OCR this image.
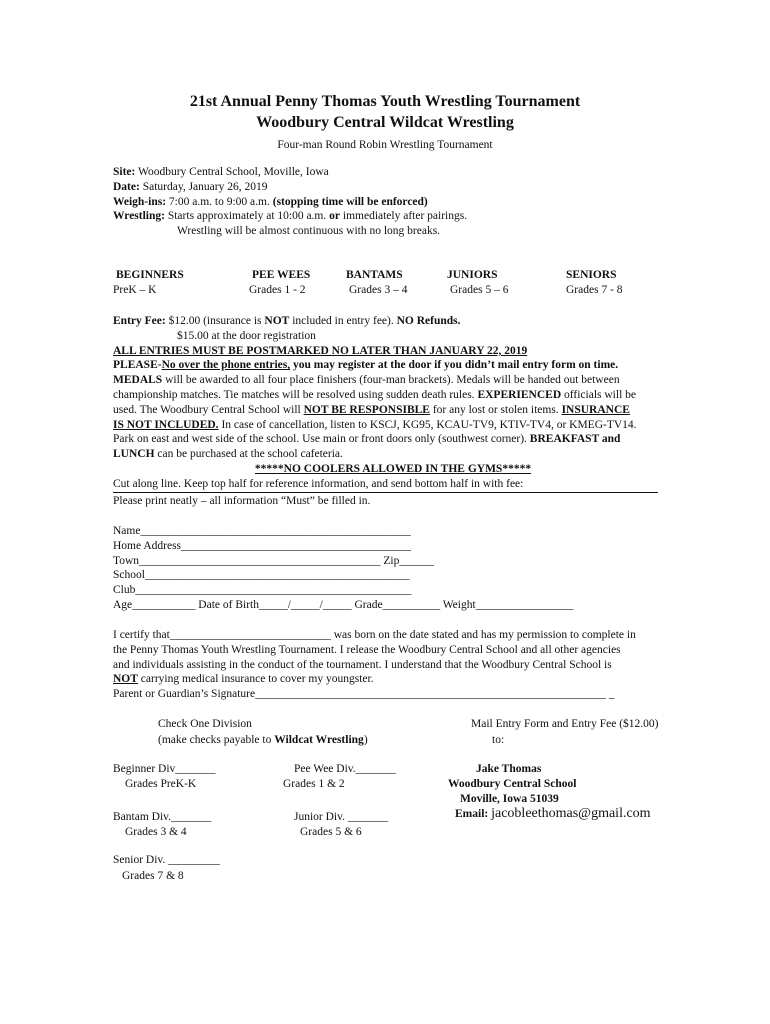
21st Annual Penny Thomas Youth Wrestling Tournament
Woodbury Central Wildcat Wrestling
Four-man Round Robin Wrestling Tournament
Site: Woodbury Central School, Moville, Iowa
Date: Saturday, January 26, 2019
Weigh-ins: 7:00 a.m. to 9:00 a.m. (stopping time will be enforced)
Wrestling: Starts approximately at 10:00 a.m. or immediately after pairings.
Wrestling will be almost continuous with no long breaks.
BEGINNERS
PreK – K
PEE WEES
Grades 1 - 2
BANTAMS
Grades 3 – 4
JUNIORS
Grades 5 – 6
SENIORS
Grades 7 - 8
Entry Fee: $12.00 (insurance is NOT included in entry fee). NO Refunds.
$15.00 at the door registration
ALL ENTRIES MUST BE POSTMARKED NO LATER THAN JANUARY 22, 2019
PLEASE-No over the phone entries, you may register at the door if you didn’t mail entry form on time.
MEDALS will be awarded to all four place finishers (four-man brackets). Medals will be handed out between
championship matches. Tie matches will be resolved using sudden death rules. EXPERIENCED officials will be
used. The Woodbury Central School will NOT BE RESPONSIBLE for any lost or stolen items. INSURANCE
IS NOT INCLUDED. In case of cancellation, listen to KSCJ, KG95, KCAU-TV9, KTIV-TV4, or KMEG-TV14.
Park on east and west side of the school. Use main or front doors only (southwest corner). BREAKFAST and
LUNCH can be purchased at the school cafeteria.
*****NO COOLERS ALLOWED IN THE GYMS*****
Cut along line. Keep top half for reference information, and send bottom half in with fee:
Please print neatly – all information “Must” be filled in.
Name_______________________________________________
Home Address________________________________________
Town__________________________________________ Zip______
School______________________________________________
Club________________________________________________
Age___________ Date of Birth_____/_____/_____ Grade__________ Weight_________________
I certify that____________________________ was born on the date stated and has my permission to complete in
the Penny Thomas Youth Wrestling Tournament. I release the Woodbury Central School and all other agencies
and individuals assisting in the conduct of the tournament. I understand that the Woodbury Central School is
NOT carrying medical insurance to cover my youngster.
Parent or Guardian’s Signature_____________________________________________________________ _
Check One Division
(make checks payable to Wildcat Wrestling)
Beginner Div_______
Grades PreK-K
Pee Wee Div._______
Grades 1 & 2
Bantam Div._______
Grades 3 & 4
Junior Div. _______
Grades 5 & 6
Senior Div. _________
Grades 7 & 8
Mail Entry Form and Entry Fee ($12.00)
to:
Jake Thomas
Woodbury Central School
Moville, Iowa 51039
Email: jacobleethomas@gmail.com
